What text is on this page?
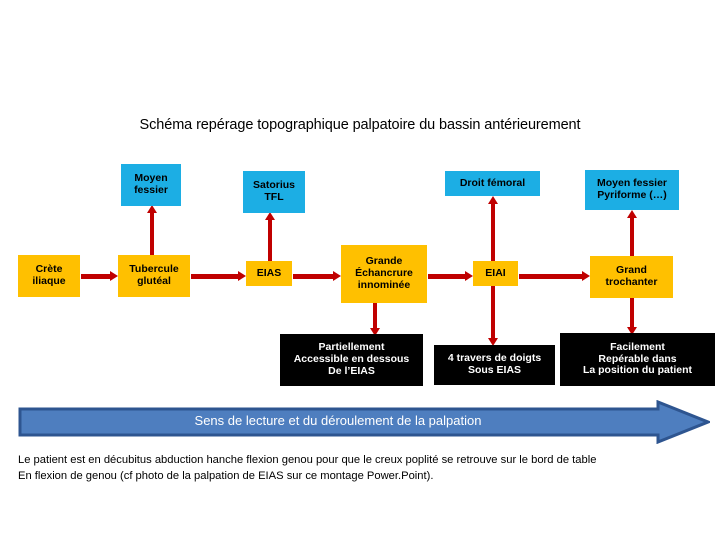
Schéma repérage topographique palpatoire du bassin antérieurement
Moyen
fessier	Satorius
TFL
Droit fémoral	Moyen fessier
Pyriforme (…)
Crète
iliaque
Tubercule
glutéal
EIAS
Grande
Échancrure
innominée
EIAI	Grand
trochanter
Partiellement
Accessible en dessous
De l’EIAS
4 travers de doigts
Sous EIAS
Facilement
Repérable dans
La position du patient
Sens de lecture et du déroulement de la palpation
Le patient est en décubitus abduction hanche flexion genou pour que le creux poplité se retrouve sur le bord de table
En flexion de genou (cf photo de la palpation de EIAS sur ce montage Power.Point).
